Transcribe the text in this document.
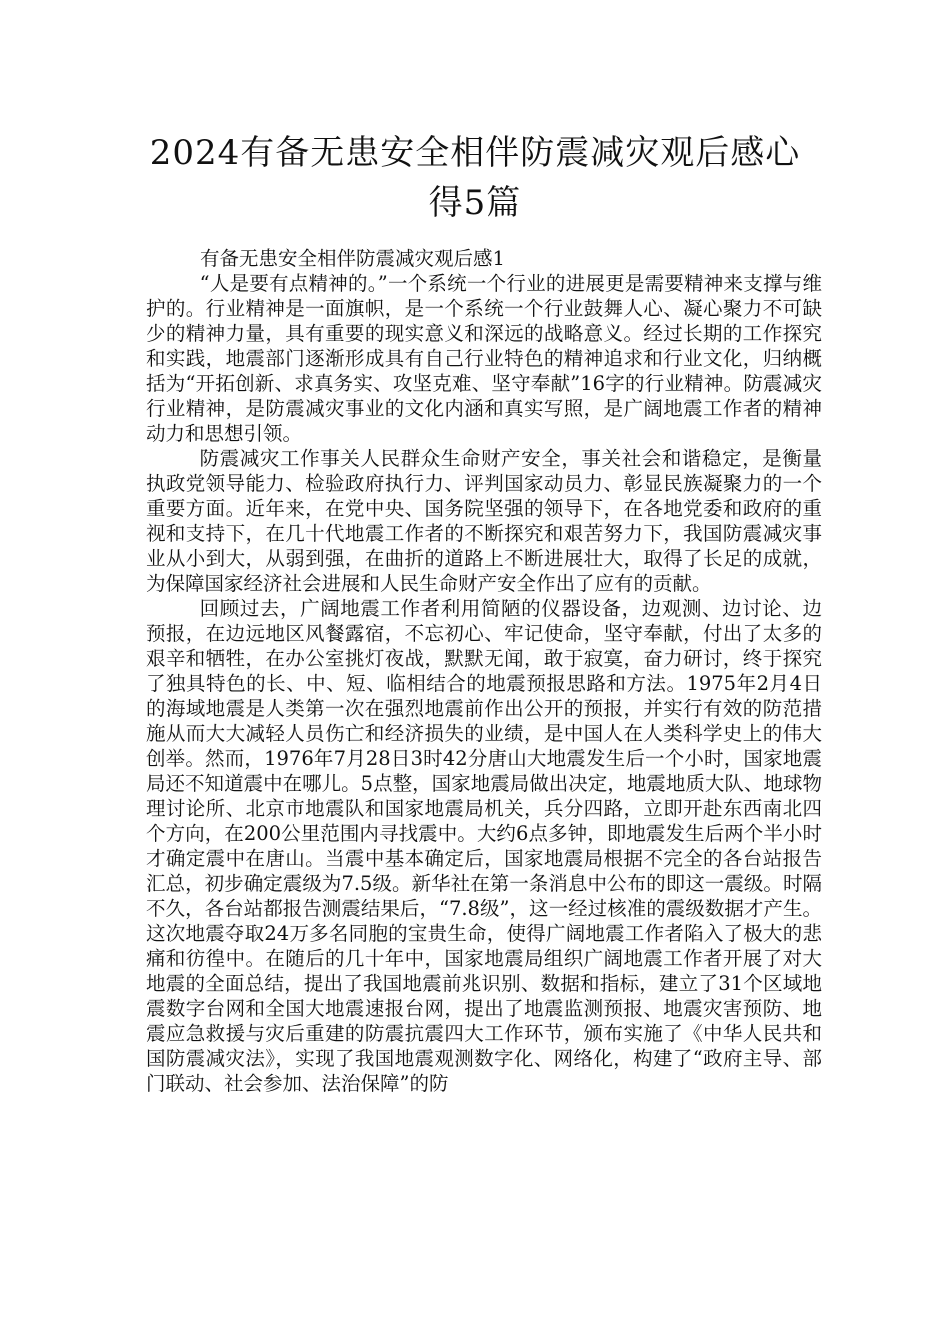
2024有备无患安全相伴防震减灾观后感心得5篇

有备无患安全相伴防震减灾观后感1

“人是要有点精神的。”一个系统一个行业的进展更是需要精神来支撑与维护的。行业精神是一面旗帜，是一个系统一个行业鼓舞人心、凝心聚力不可缺少的精神力量，具有重要的现实意义和深远的战略意义。经过长期的工作探究和实践，地震部门逐渐形成具有自己行业特色的精神追求和行业文化，归纳概括为“开拓创新、求真务实、攻坚克难、坚守奉献”16字的行业精神。防震减灾行业精神，是防震减灾事业的文化内涵和真实写照，是广阔地震工作者的精神动力和思想引领。

防震减灾工作事关人民群众生命财产安全，事关社会和谐稳定，是衡量执政党领导能力、检验政府执行力、评判国家动员力、彰显民族凝聚力的一个重要方面。近年来，在党中央、国务院坚强的领导下，在各地党委和政府的重视和支持下，在几十代地震工作者的不断探究和艰苦努力下，我国防震减灾事业从小到大，从弱到强，在曲折的道路上不断进展壮大，取得了长足的成就，为保障国家经济社会进展和人民生命财产安全作出了应有的贡献。

回顾过去，广阔地震工作者利用简陋的仪器设备，边观测、边讨论、边预报，在边远地区风餐露宿，不忘初心、牢记使命，坚守奉献，付出了太多的艰辛和牺牲，在办公室挑灯夜战，默默无闻，敢于寂寞，奋力研讨，终于探究了独具特色的长、中、短、临相结合的地震预报思路和方法。1975年2月4日的海域地震是人类第一次在强烈地震前作出公开的预报，并实行有效的防范措施从而大大减轻人员伤亡和经济损失的业绩，是中国人在人类科学史上的伟大创举。然而，1976年7月28日3时42分唐山大地震发生后一个小时，国家地震局还不知道震中在哪儿。5点整，国家地震局做出决定，地震地质大队、地球物理讨论所、北京市地震队和国家地震局机关，兵分四路，立即开赴东西南北四个方向，在200公里范围内寻找震中。大约6点多钟，即地震发生后两个半小时才确定震中在唐山。当震中基本确定后，国家地震局根据不完全的各台站报告汇总，初步确定震级为7.5级。新华社在第一条消息中公布的即这一震级。时隔不久，各台站都报告测震结果后，“7.8级”，这一经过核准的震级数据才产生。这次地震夺取24万多名同胞的宝贵生命，使得广阔地震工作者陷入了极大的悲痛和彷徨中。在随后的几十年中，国家地震局组织广阔地震工作者开展了对大地震的全面总结，提出了我国地震前兆识别、数据和指标，建立了31个区域地震数字台网和全国大地震速报台网，提出了地震监测预报、地震灾害预防、地震应急救援与灾后重建的防震抗震四大工作环节，颁布实施了《中华人民共和国防震减灾法》，实现了我国地震观测数字化、网络化，构建了“政府主导、部门联动、社会参加、法治保障”的防
